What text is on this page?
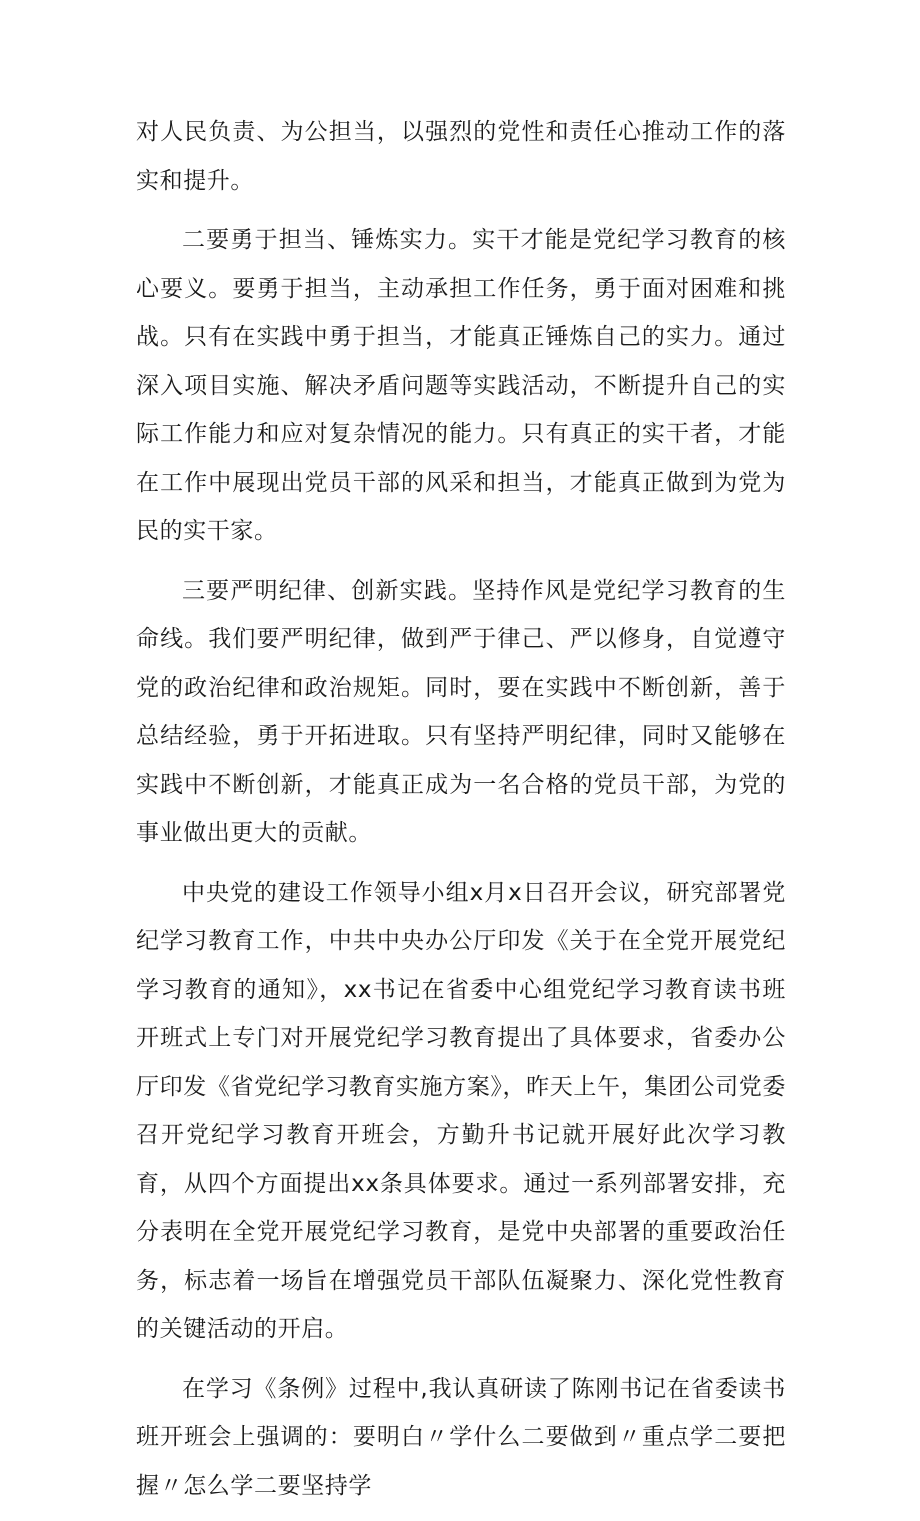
对人民负责、为公担当，以强烈的党性和责任心推动工作的落实和提升。

二要勇于担当、锤炼实力。实干才能是党纪学习教育的核心要义。要勇于担当，主动承担工作任务，勇于面对困难和挑战。只有在实践中勇于担当，才能真正锤炼自己的实力。通过深入项目实施、解决矛盾问题等实践活动，不断提升自己的实际工作能力和应对复杂情况的能力。只有真正的实干者，才能在工作中展现出党员干部的风采和担当，才能真正做到为党为民的实干家。

三要严明纪律、创新实践。坚持作风是党纪学习教育的生命线。我们要严明纪律，做到严于律己、严以修身，自觉遵守党的政治纪律和政治规矩。同时，要在实践中不断创新，善于总结经验，勇于开拓进取。只有坚持严明纪律，同时又能够在实践中不断创新，才能真正成为一名合格的党员干部，为党的事业做出更大的贡献。

中央党的建设工作领导小组x月x日召开会议，研究部署党纪学习教育工作，中共中央办公厅印发《关于在全党开展党纪学习教育的通知》，xx书记在省委中心组党纪学习教育读书班开班式上专门对开展党纪学习教育提出了具体要求，省委办公厅印发《省党纪学习教育实施方案》，昨天上午，集团公司党委召开党纪学习教育开班会，方勤升书记就开展好此次学习教育，从四个方面提出xx条具体要求。通过一系列部署安排，充分表明在全党开展党纪学习教育，是党中央部署的重要政治任务，标志着一场旨在增强党员干部队伍凝聚力、深化党性教育的关键活动的开启。

在学习《条例》过程中,我认真研读了陈刚书记在省委读书班开班会上强调的：要明白〃学什么二要做到〃重点学二要把握〃怎么学二要坚持学
